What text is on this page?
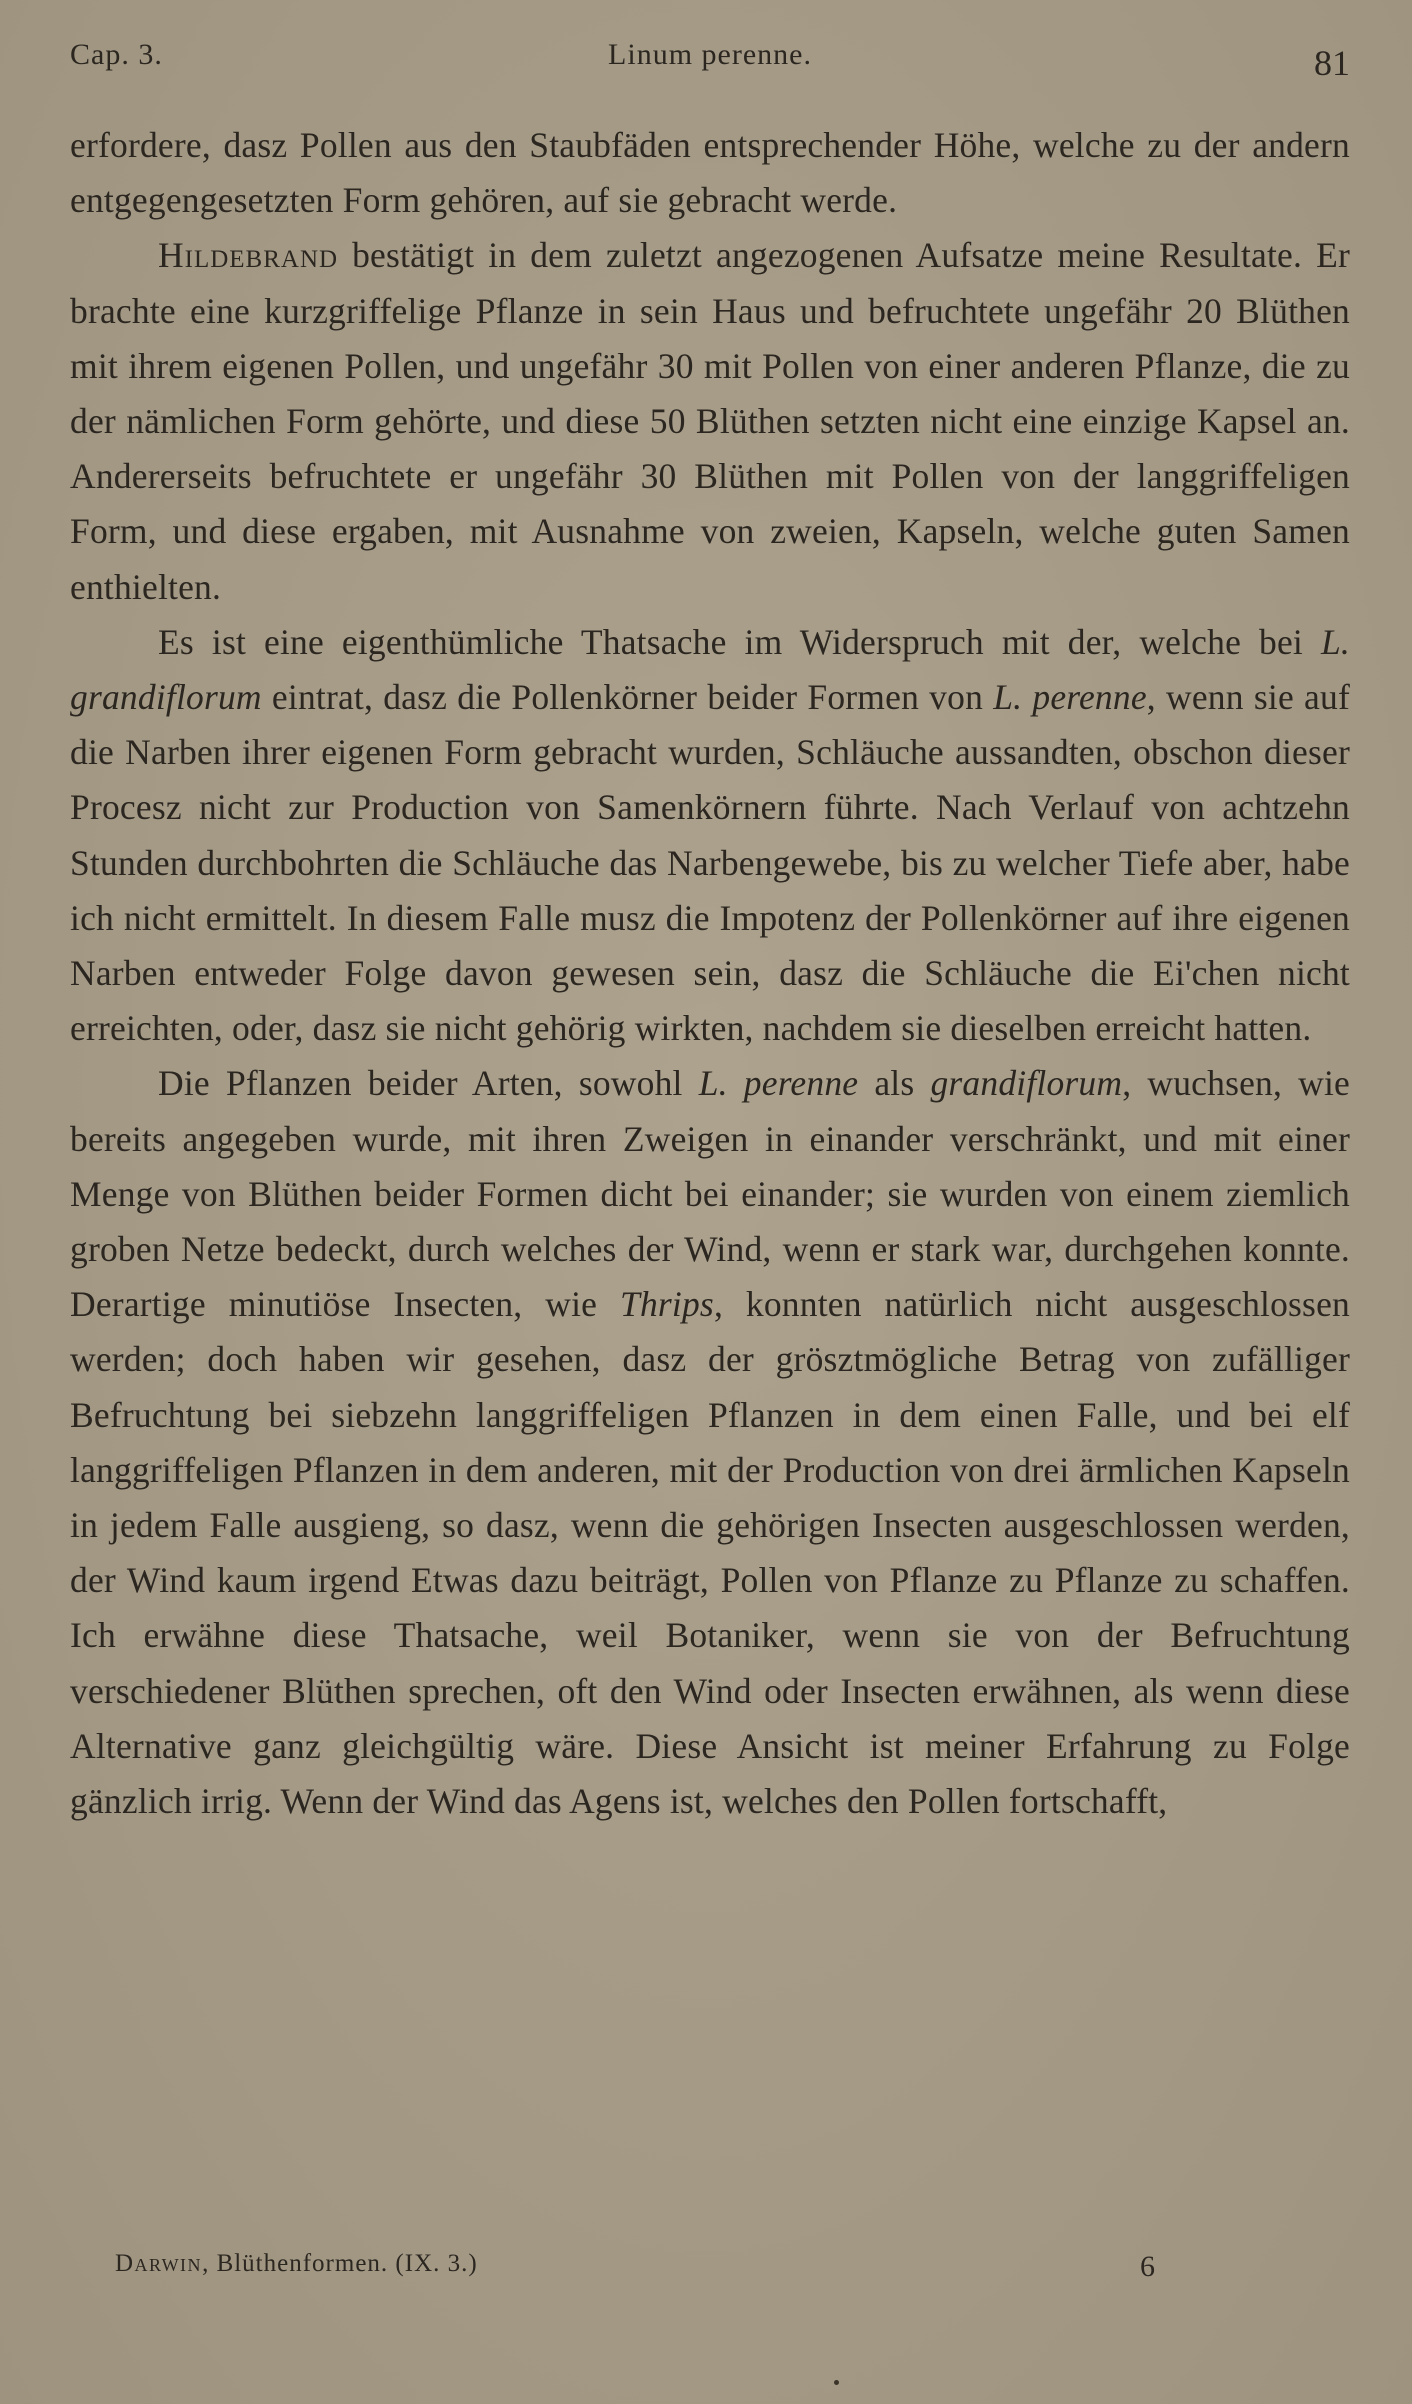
Cap. 3.	Linum perenne.	81

erfordere, dasz Pollen aus den Staubfäden entsprechender Höhe, welche zu der andern entgegengesetzten Form gehören, auf sie gebracht werde.

Hildebrand bestätigt in dem zuletzt angezogenen Aufsatze meine Resultate. Er brachte eine kurzgriffelige Pflanze in sein Haus und befruchtete ungefähr 20 Blüthen mit ihrem eigenen Pollen, und ungefähr 30 mit Pollen von einer anderen Pflanze, die zu der nämlichen Form gehörte, und diese 50 Blüthen setzten nicht eine einzige Kapsel an. Andererseits befruchtete er ungefähr 30 Blüthen mit Pollen von der langgriffeligen Form, und diese ergaben, mit Ausnahme von zweien, Kapseln, welche guten Samen enthielten.

Es ist eine eigenthümliche Thatsache im Widerspruch mit der, welche bei L. grandiflorum eintrat, dasz die Pollenkörner beider Formen von L. perenne, wenn sie auf die Narben ihrer eigenen Form gebracht wurden, Schläuche aussandten, obschon dieser Procesz nicht zur Production von Samenkörnern führte. Nach Verlauf von achtzehn Stunden durchbohrten die Schläuche das Narbengewebe, bis zu welcher Tiefe aber, habe ich nicht ermittelt. In diesem Falle musz die Impotenz der Pollenkörner auf ihre eigenen Narben entweder Folge davon gewesen sein, dasz die Schläuche die Ei'chen nicht erreichten, oder, dasz sie nicht gehörig wirkten, nachdem sie dieselben erreicht hatten.

Die Pflanzen beider Arten, sowohl L. perenne als grandiflorum, wuchsen, wie bereits angegeben wurde, mit ihren Zweigen in einander verschränkt, und mit einer Menge von Blüthen beider Formen dicht bei einander; sie wurden von einem ziemlich groben Netze bedeckt, durch welches der Wind, wenn er stark war, durchgehen konnte. Derartige minutiöse Insecten, wie Thrips, konnten natürlich nicht ausgeschlossen werden; doch haben wir gesehen, dasz der grösztmögliche Betrag von zufälliger Befruchtung bei siebzehn langgriffeligen Pflanzen in dem einen Falle, und bei elf langgriffeligen Pflanzen in dem anderen, mit der Production von drei ärmlichen Kapseln in jedem Falle ausgieng, so dasz, wenn die gehörigen Insecten ausgeschlossen werden, der Wind kaum irgend Etwas dazu beiträgt, Pollen von Pflanze zu Pflanze zu schaffen. Ich erwähne diese Thatsache, weil Botaniker, wenn sie von der Befruchtung verschiedener Blüthen sprechen, oft den Wind oder Insecten erwähnen, als wenn diese Alternative ganz gleichgültig wäre. Diese Ansicht ist meiner Erfahrung zu Folge gänzlich irrig. Wenn der Wind das Agens ist, welches den Pollen fortschafft,

Darwin, Blüthenformen. (IX. 3.)	6
